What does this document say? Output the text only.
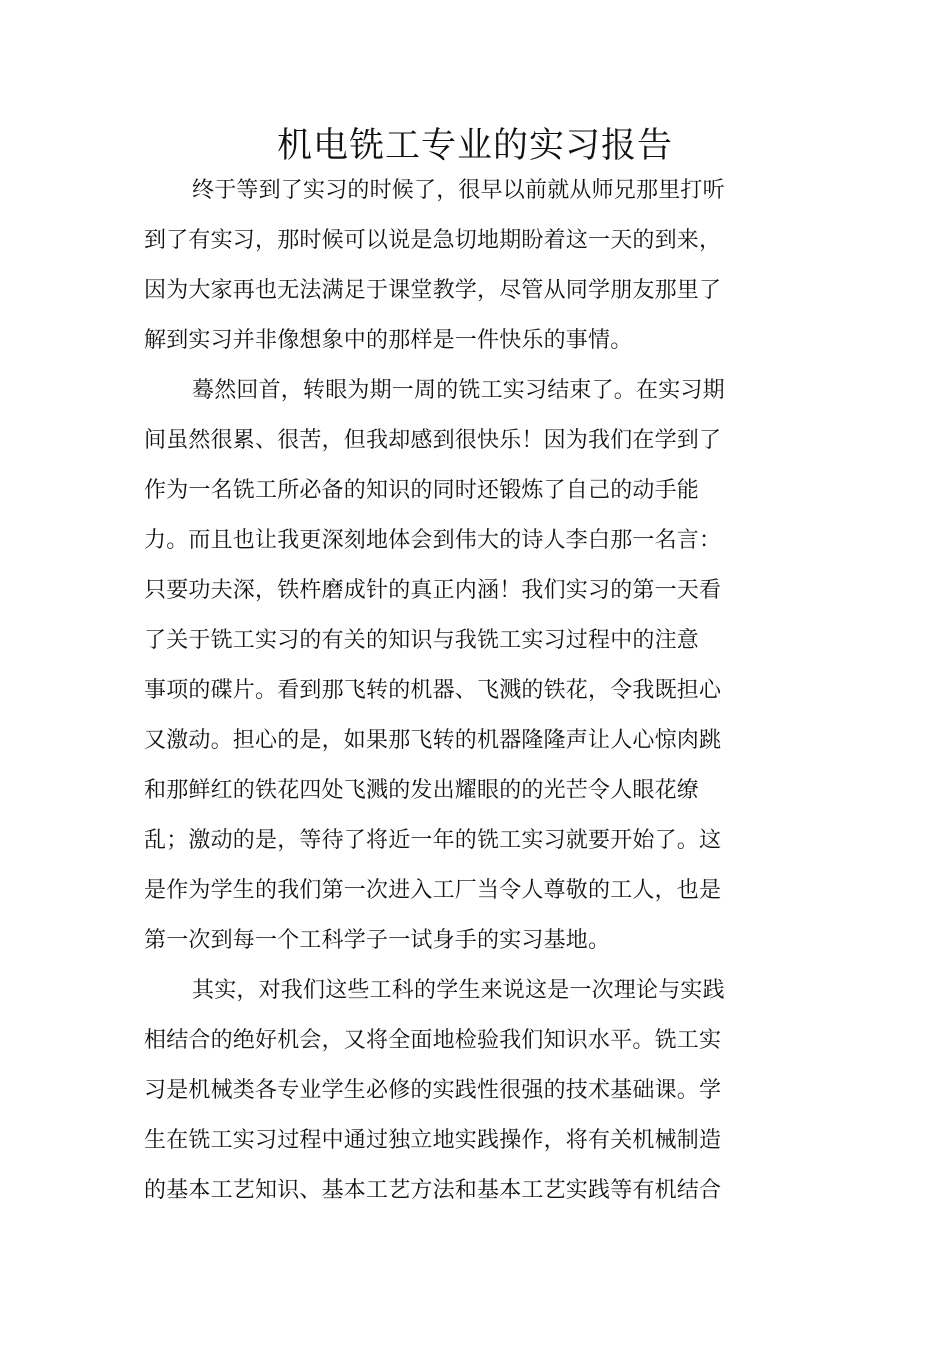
机电铣工专业的实习报告
终于等到了实习的时候了，很早以前就从师兄那里打听
到了有实习，那时候可以说是急切地期盼着这一天的到来，
因为大家再也无法满足于课堂教学，尽管从同学朋友那里了
解到实习并非像想象中的那样是一件快乐的事情。
蓦然回首，转眼为期一周的铣工实习结束了。在实习期
间虽然很累、很苦，但我却感到很快乐！因为我们在学到了
作为一名铣工所必备的知识的同时还锻炼了自己的动手能
力。而且也让我更深刻地体会到伟大的诗人李白那一名言：
只要功夫深，铁杵磨成针的真正内涵！我们实习的第一天看
了关于铣工实习的有关的知识与我铣工实习过程中的注意
事项的碟片。看到那飞转的机器、飞溅的铁花，令我既担心
又激动。担心的是，如果那飞转的机器隆隆声让人心惊肉跳
和那鲜红的铁花四处飞溅的发出耀眼的的光芒令人眼花缭
乱；激动的是，等待了将近一年的铣工实习就要开始了。这
是作为学生的我们第一次进入工厂当令人尊敬的工人，也是
第一次到每一个工科学子一试身手的实习基地。
其实，对我们这些工科的学生来说这是一次理论与实践
相结合的绝好机会，又将全面地检验我们知识水平。铣工实
习是机械类各专业学生必修的实践性很强的技术基础课。学
生在铣工实习过程中通过独立地实践操作，将有关机械制造
的基本工艺知识、基本工艺方法和基本工艺实践等有机结合
